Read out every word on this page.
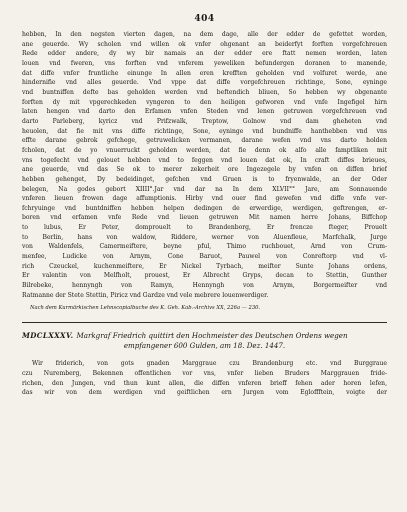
404
hebben, In den negsten vierten dagen, na dem dage, alle der edder de gefettet worden,
ane geuerde. Wy scholen vnd willen ok vnfer ohgenant an beiderfyt forften vorgefchreuen
Rede edder andere, dy wy bir namais an der edder ere ftatt nemen worden, laten
louen vnd fweren, vns forften vnd vnferem yeweliken befundergen doranen to manende,
dat diffe vnfer fruntliche einunge In allen eren krefften geholden vnd volfuret werde, ane
hindernifie vnd alles geuerde. Vnd vppe dat diffe vorgefchreuen richtinge, Sone, eyninge
vnd buntniffen defte bas geholden werden vnd beftendich bliuen, So hebben wy obgenante
forften dy mit vpgerechkeden vyngeren to den heiligen gefworen vnd vnfe Ingefigel hirn
laten hengen vnd darto den Erfamen vnfen Steden vnd lenen getruwen vorgefchreuen vnd
darto Parleberg, kyricz vnd Prifzwalk, Treptow, Golnow vnd dam gheheten vnd
heuolen, dat fie mit vns diffe richtinge, Sone, eyninge vnd bundniffe hanthebben vnd vns
effte darane gebrok gefchege, getruwelicken vermanen, darane wefen vnd vns darto holden
fcholen, dat de yo vnuerruckt geholden werden, dat fie denn ok alfo alle famptliken mit
vns togefecht vnd gelouet hebben vnd to feggen vnd louen dat ok, In craft diffes brieues,
ane geuerde, vnd das Se ok to merer zekerheit ore Ingezegele by vnfen on diffen brief
hebben gehenget, Dy bedeidinget, gefchen vnd Gruen is to fryenwalde, an der Oder
belegen, Na godes gebort XIIII°.Jar vnd dar na In dem XLVII°° Jare, am Sonnauende
vnferen lieuen frowen dage affumptionis. Hirby vnd ouer find gewefen vnd diffe vnfe ver-
fchryuinge vnd buntdniffen hebben helpen dedingen de erwerdige, werdigen, geftrengen, er-
boren vnd erfamen vnfe Rede vnd lieuen getruwen Mit namen herre Johans, Biffchop
to lubus, Er Peter, domprouelt to Brandenborg, Er frencze fteger, Prouelt
to Berlin, hans von waldow, Riddere, werner von Aluenfleue, Marfchalk, Jurge
von Waldenfels, Camermeiftere, beyne pful, Thimo ruchbouet, Arnd von Crum-
menfee, Ludicke von Arnym, Cone Baruot, Pauwel von Conreftorp vnd vl-
rich Czeuckel, kuchenmeiftere, Er Nickel Tyrbach, meifter Sunte Johans ordens,
Er valentin von Melfholt, prouest, Er Albrecht Gryps, decan to Stettin, Gunther
Bilrebeke, hennyngh von Ramyn, Hennyngh von Arnym, Borgermeifter vnd
Ratmanne der Stete Stettin, Piricz vnd Gardze vnd vele mebrere louenwerdiger.
Nach dem Kurmärkischen Lehnscopialbuche des K. Geh. Kab.-Archivs XX, 226a — 230.
MDCLXXXV. Markgraf Friedrich quittirt den Hochmeister des Deutschen Ordens wegen
empfangener 600 Gulden, am 18. Dez. 1447.
Wir friderich, von gots gnaden Marggraue czu Brandenburg etc. vnd Burggraue
czu Nuremberg, Bekennen offentlichen vor vns, vnfer lieben Bruders Marggrauen fride-
richen, den Jungen, vnd thun kunt allen, die diffen vnferen brieff fehen ader horen lefen,
das wir von dem werdigen vnd geiftlichen ern Jurgen vom Egloffftein, voigte der
